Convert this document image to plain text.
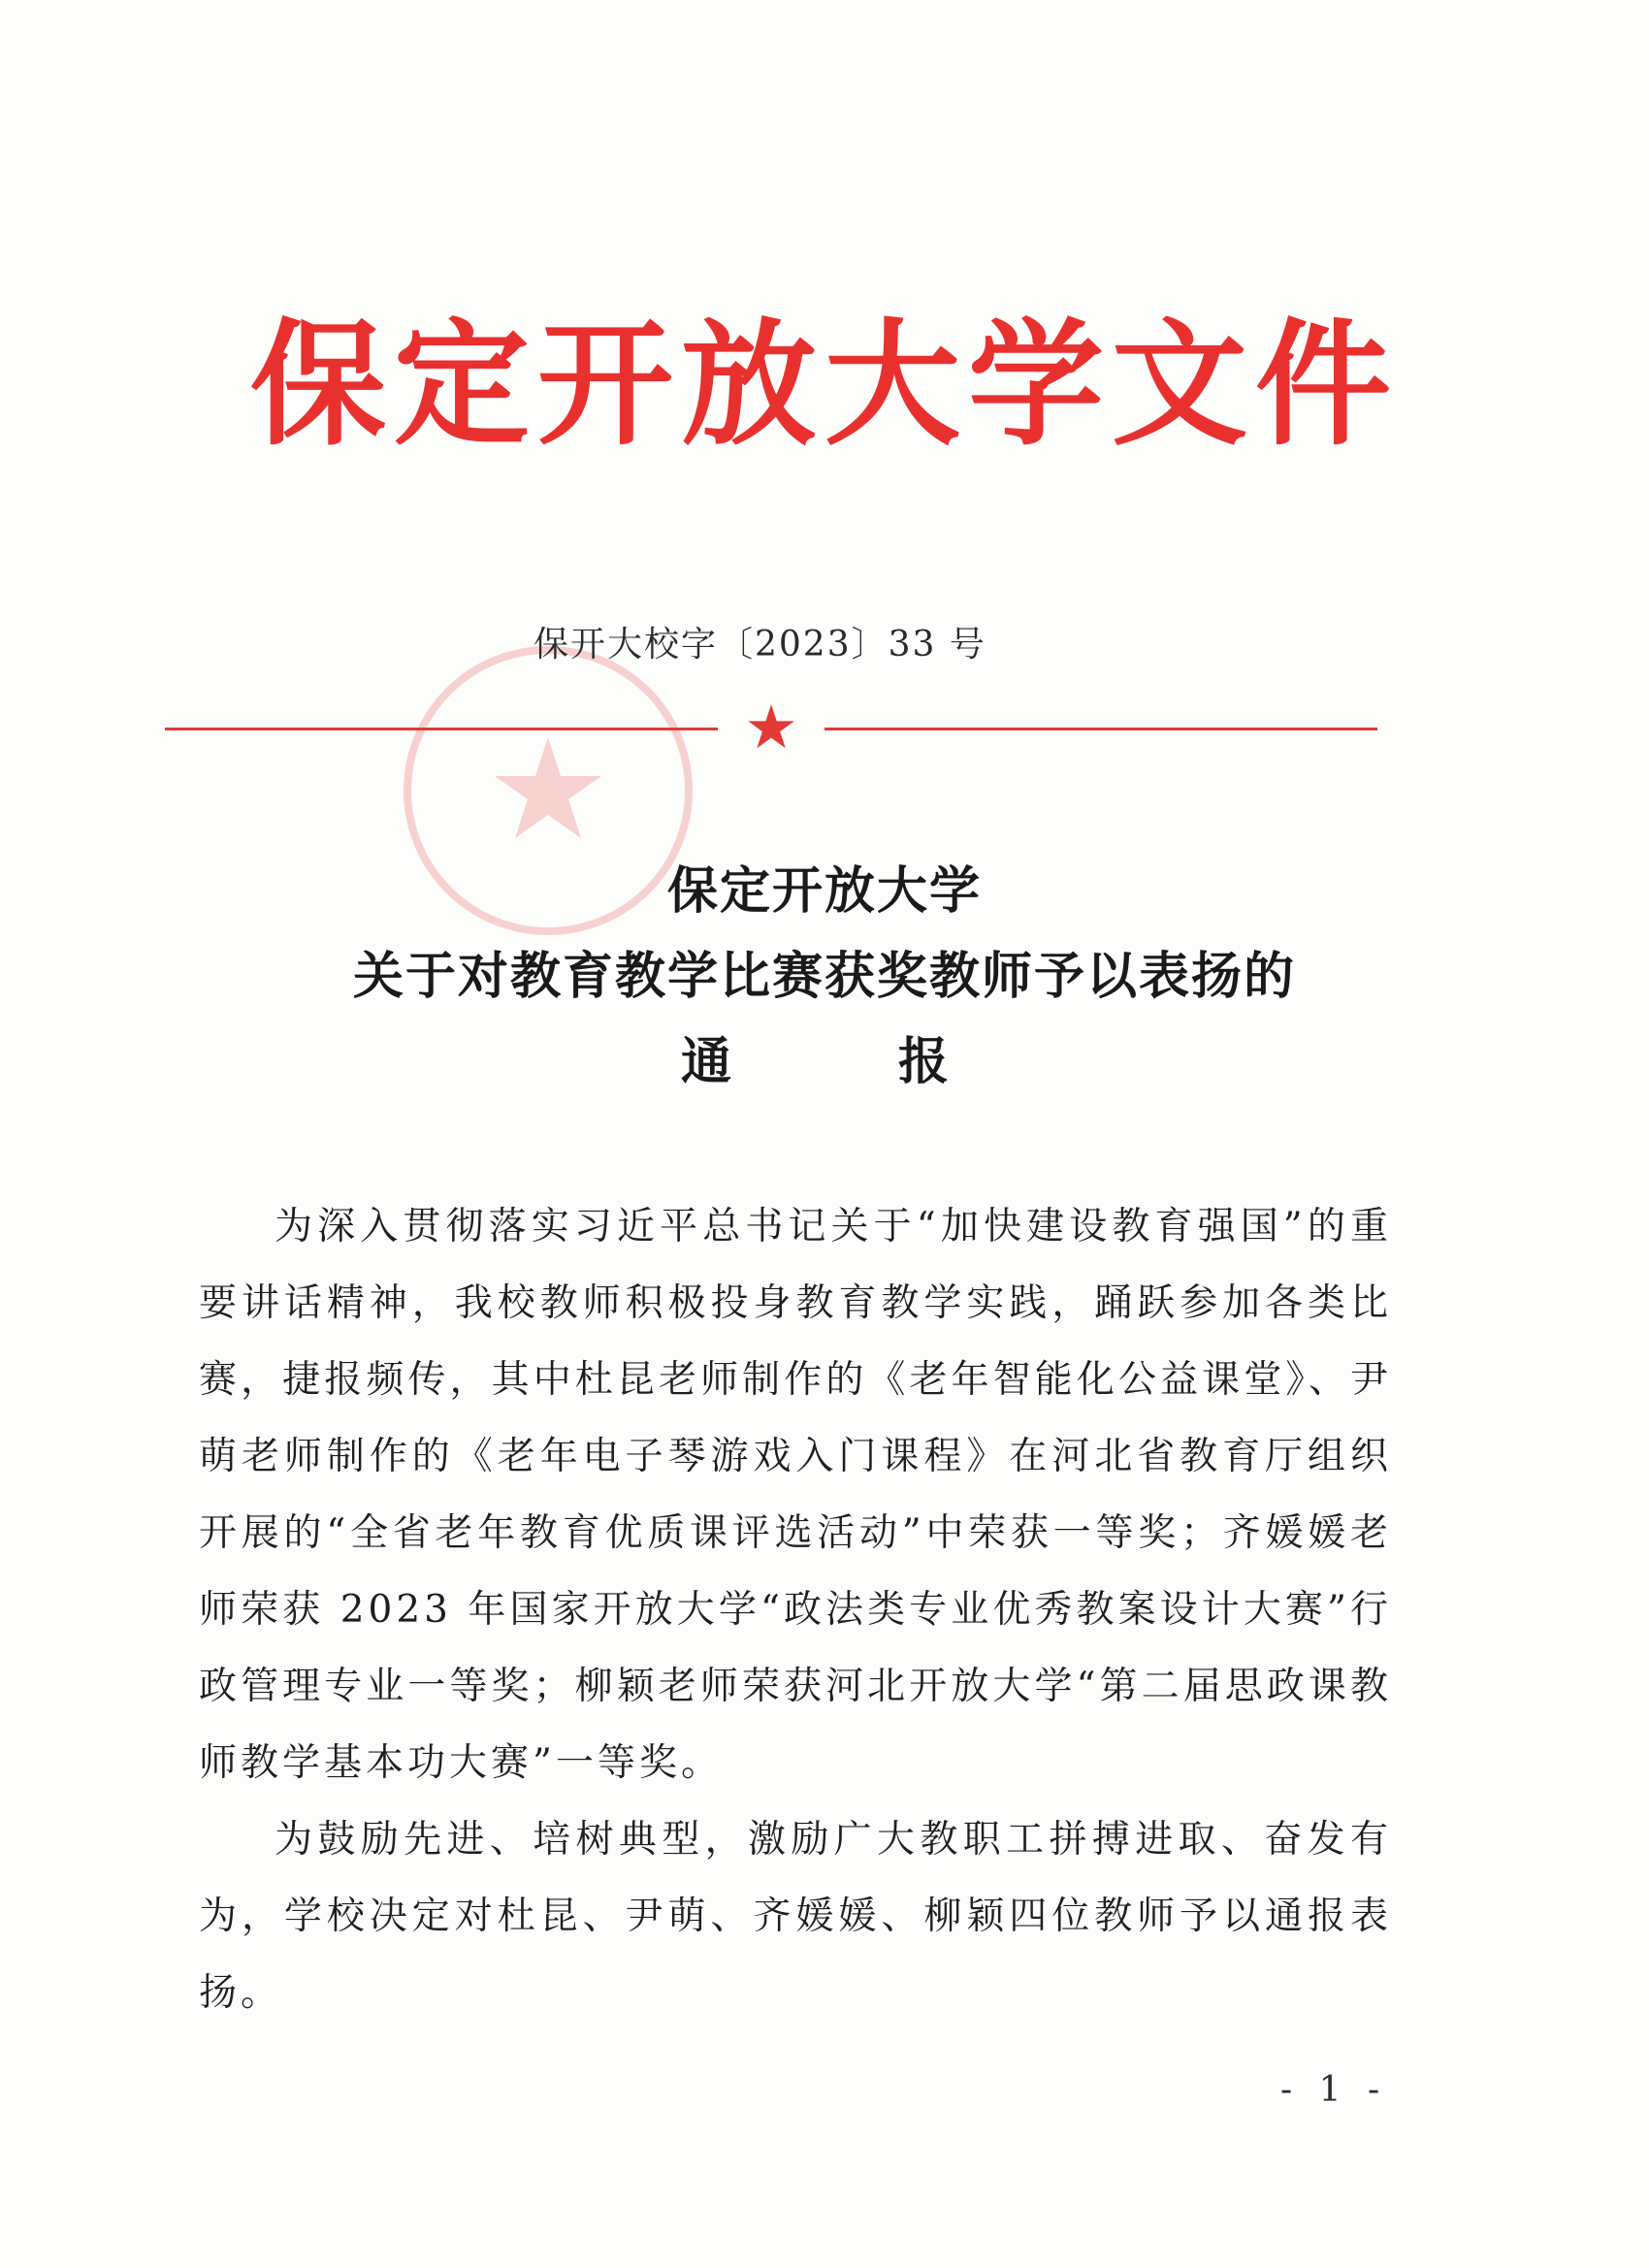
保定开放大学文件
保开大校字〔2023〕33 号
★
保定开放大学
关于对教育教学比赛获奖教师予以表扬的
通　报

为深入贯彻落实习近平总书记关于“加快建设教育强国”的重要讲话精神，我校教师积极投身教育教学实践，踊跃参加各类比赛，捷报频传，其中杜昆老师制作的《老年智能化公益课堂》、尹萌老师制作的《老年电子琴游戏入门课程》在河北省教育厅组织开展的“全省老年教育优质课评选活动”中荣获一等奖；齐媛媛老师荣获 2023 年国家开放大学“政法类专业优秀教案设计大赛”行政管理专业一等奖；柳颖老师荣获河北开放大学“第二届思政课教师教学基本功大赛”一等奖。

为鼓励先进、培树典型，激励广大教职工拼搏进取、奋发有为，学校决定对杜昆、尹萌、齐媛媛、柳颖四位教师予以通报表扬。

- 1 -
